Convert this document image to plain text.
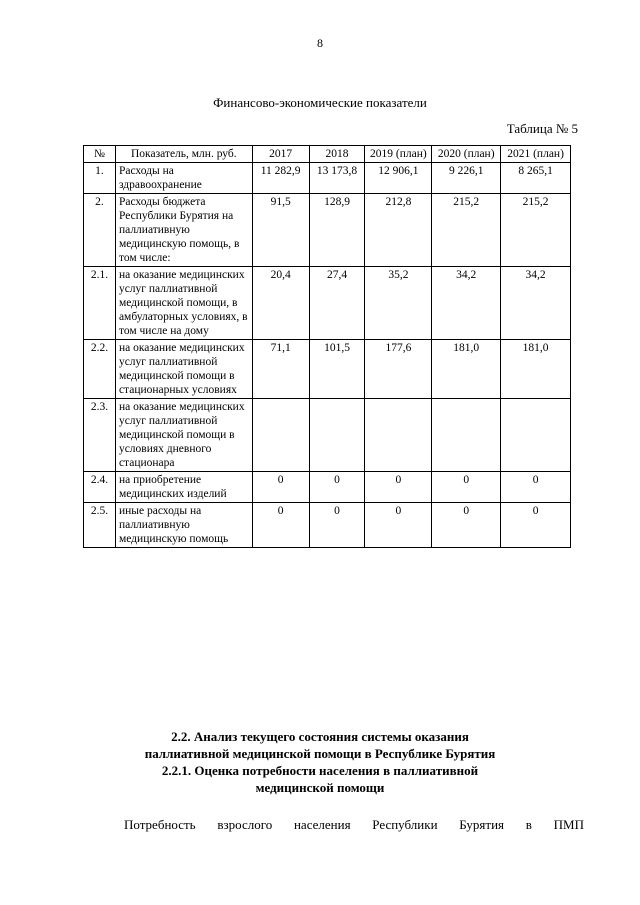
8
Финансово-экономические показатели
Таблица № 5
№	Показатель, млн. руб.	2017	2018	2019 (план)	2020 (план)	2021 (план)
1.	Расходы на здравоохранение	11 282,9	13 173,8	12 906,1	9 226,1	8 265,1
2.	Расходы бюджета Республики Бурятия на паллиативную медицинскую помощь, в том числе:	91,5	128,9	212,8	215,2	215,2
2.1.	на оказание медицинских услуг паллиативной медицинской помощи, в амбулаторных условиях, в том числе на дому	20,4	27,4	35,2	34,2	34,2
2.2.	на оказание медицинских услуг паллиативной медицинской помощи в стационарных условиях	71,1	101,5	177,6	181,0	181,0
2.3.	на оказание медицинских услуг паллиативной медицинской помощи в условиях дневного стационара					
2.4.	на приобретение медицинских изделий	0	0	0	0	0
2.5.	иные расходы на паллиативную медицинскую помощь	0	0	0	0	0
2.2. Анализ текущего состояния системы оказания
паллиативной медицинской помощи в Республике Бурятия
2.2.1. Оценка потребности населения в паллиативной
медицинской помощи
Потребность взрослого населения Республики Бурятия в ПМП
